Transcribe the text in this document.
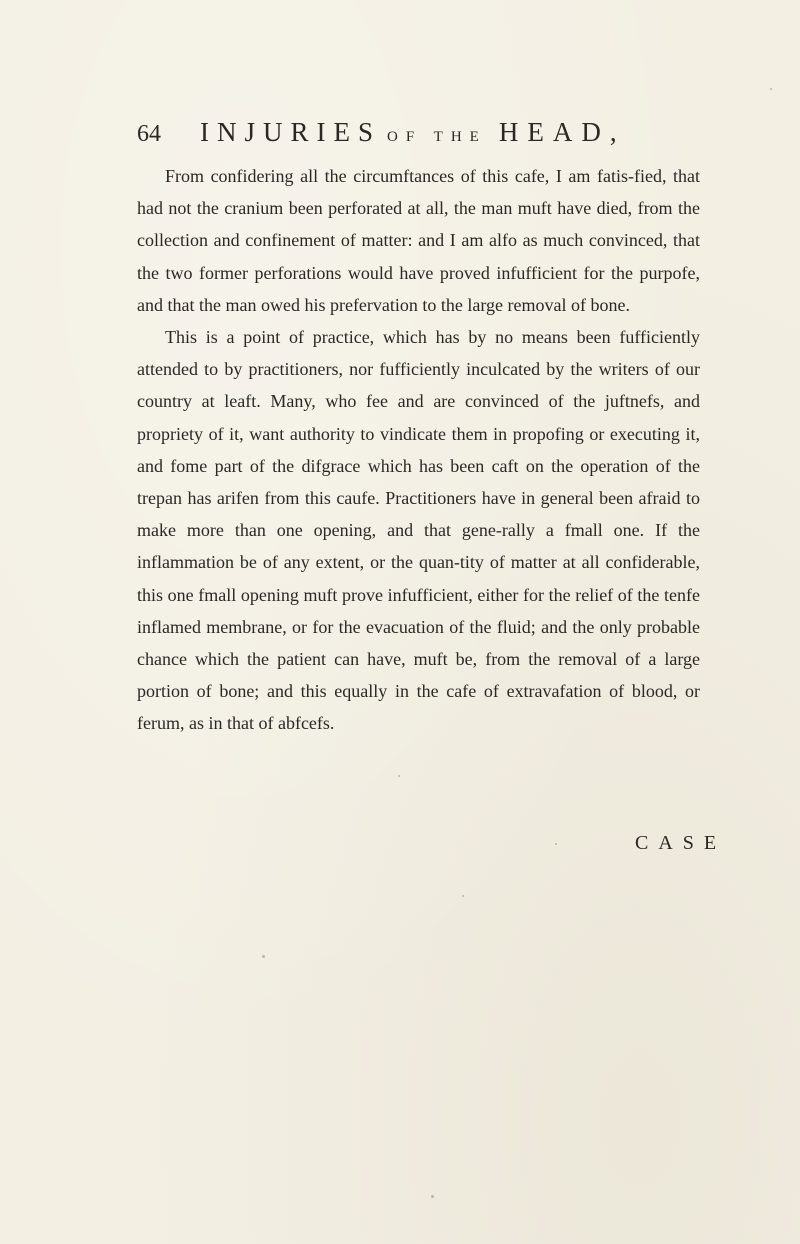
64 INJURIES OF THE HEAD,

From confidering all the circumftances of this cafe, I am fatis-fied, that had not the cranium been perforated at all, the man muft have died, from the collection and confinement of matter: and I am alfo as much convinced, that the two former perforations would have proved infufficient for the purpofe, and that the man owed his prefervation to the large removal of bone.

This is a point of practice, which has by no means been fufficiently attended to by practitioners, nor fufficiently inculcated by the writers of our country at leaft. Many, who fee and are convinced of the juftnefs, and propriety of it, want authority to vindicate them in propofing or executing it, and fome part of the difgrace which has been caft on the operation of the trepan has arifen from this caufe. Practitioners have in general been afraid to make more than one opening, and that gene-rally a fmall one. If the inflammation be of any extent, or the quan-tity of matter at all confiderable, this one fmall opening muft prove infufficient, either for the relief of the tenfe inflamed membrane, or for the evacuation of the fluid; and the only probable chance which the patient can have, muft be, from the removal of a large portion of bone; and this equally in the cafe of extravafation of blood, or ferum, as in that of abfcefs.

CASE
